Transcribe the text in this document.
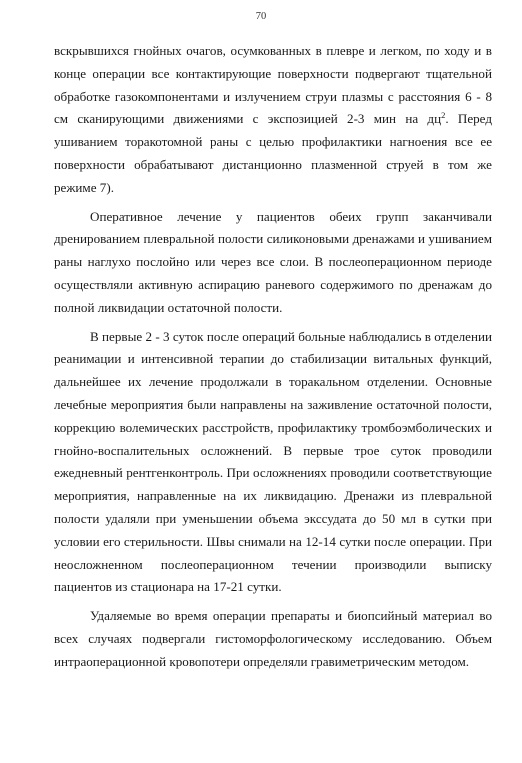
70

вскрывшихся гнойных очагов, осумкованных в плевре и легком, по ходу и в конце операции все контактирующие поверхности подвергают тщательной обработке газокомпонентами и излучением струи плазмы с расстояния 6 - 8 см сканирующими движениями с экспозицией 2-3 мин на $дц^2$. Перед ушиванием торакотомной раны с целью профилактики нагноения все ее поверхности обрабатывают дистанционно плазменной струей в том же режиме 7).

Оперативное лечение у пациентов обеих групп заканчивали дренированием плевральной полости силиконовыми дренажами и ушиванием раны наглухо послойно или через все слои. В послеоперационном периоде осуществляли активную аспирацию раневого содержимого по дренажам до полной ликвидации остаточной полости.

В первые 2 - 3 суток после операций больные наблюдались в отделении реанимации и интенсивной терапии до стабилизации витальных функций, дальнейшее их лечение продолжали в торакальном отделении. Основные лечебные мероприятия были направлены на заживление остаточной полости, коррекцию волемических расстройств, профилактику тромбоэмболических и гнойно-воспалительных осложнений. В первые трое суток проводили ежедневный рентгенконтроль. При осложнениях проводили соответствующие мероприятия, направленные на их ликвидацию. Дренажи из плевральной полости удаляли при уменьшении объема экссудата до 50 мл в сутки при условии его стерильности. Швы снимали на 12-14 сутки после операции. При неосложненном послеоперационном течении производили выписку пациентов из стационара на 17-21 сутки.

Удаляемые во время операции препараты и биопсийный материал во всех случаях подвергали гистоморфологическому исследованию. Объем интраоперационной кровопотери определяли гравиметрическим методом.
